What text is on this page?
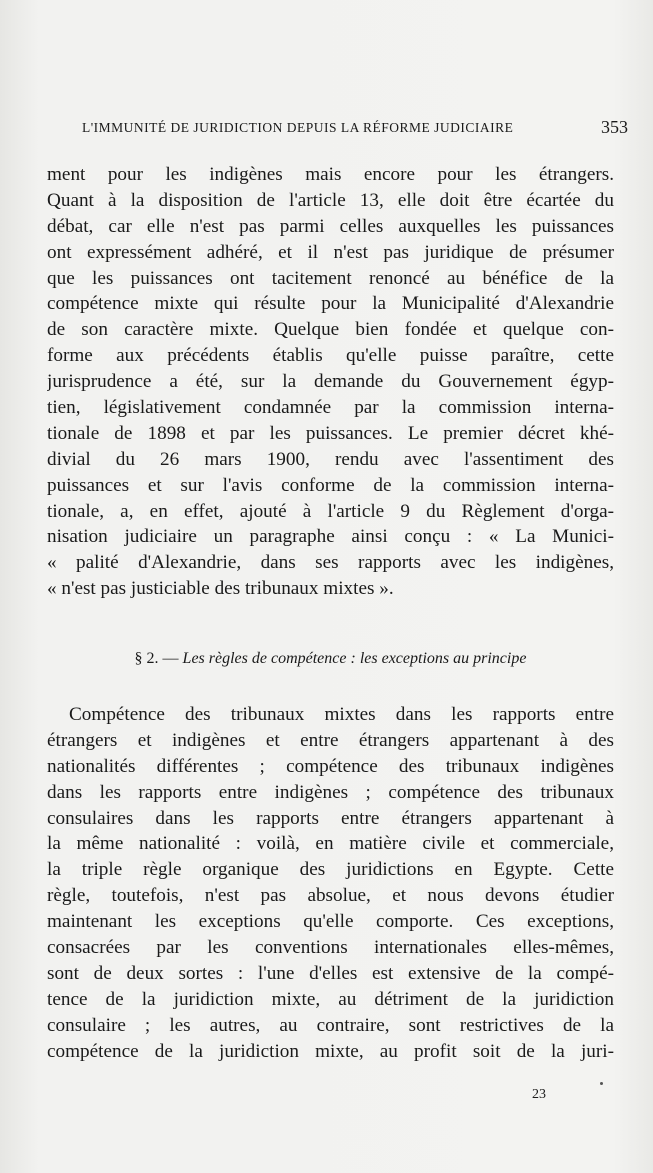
L'IMMUNITÉ DE JURIDICTION DEPUIS LA RÉFORME JUDICIAIRE	353
ment pour les indigènes mais encore pour les étrangers.
Quant à la disposition de l'article 13, elle doit être écartée du
débat, car elle n'est pas parmi celles auxquelles les puissances
ont expressément adhéré, et il n'est pas juridique de présumer
que les puissances ont tacitement renoncé au bénéfice de la
compétence mixte qui résulte pour la Municipalité d'Alexandrie
de son caractère mixte. Quelque bien fondée et quelque con-
forme aux précédents établis qu'elle puisse paraître, cette
jurisprudence a été, sur la demande du Gouvernement égyp-
tien, législativement condamnée par la commission interna-
tionale de 1898 et par les puissances. Le premier décret khé-
divial du 26 mars 1900, rendu avec l'assentiment des
puissances et sur l'avis conforme de la commission interna-
tionale, a, en effet, ajouté à l'article 9 du Règlement d'orga-
nisation judiciaire un paragraphe ainsi conçu : « La Munici-
« palité d'Alexandrie, dans ses rapports avec les indigènes,
« n'est pas justiciable des tribunaux mixtes ».
§ 2. — Les règles de compétence : les exceptions au principe
Compétence des tribunaux mixtes dans les rapports entre
étrangers et indigènes et entre étrangers appartenant à des
nationalités différentes ; compétence des tribunaux indigènes
dans les rapports entre indigènes ; compétence des tribunaux
consulaires dans les rapports entre étrangers appartenant à
la même nationalité : voilà, en matière civile et commerciale,
la triple règle organique des juridictions en Egypte. Cette
règle, toutefois, n'est pas absolue, et nous devons étudier
maintenant les exceptions qu'elle comporte. Ces exceptions,
consacrées par les conventions internationales elles-mêmes,
sont de deux sortes : l'une d'elles est extensive de la compé-
tence de la juridiction mixte, au détriment de la juridiction
consulaire ; les autres, au contraire, sont restrictives de la
compétence de la juridiction mixte, au profit soit de la juri-
23
